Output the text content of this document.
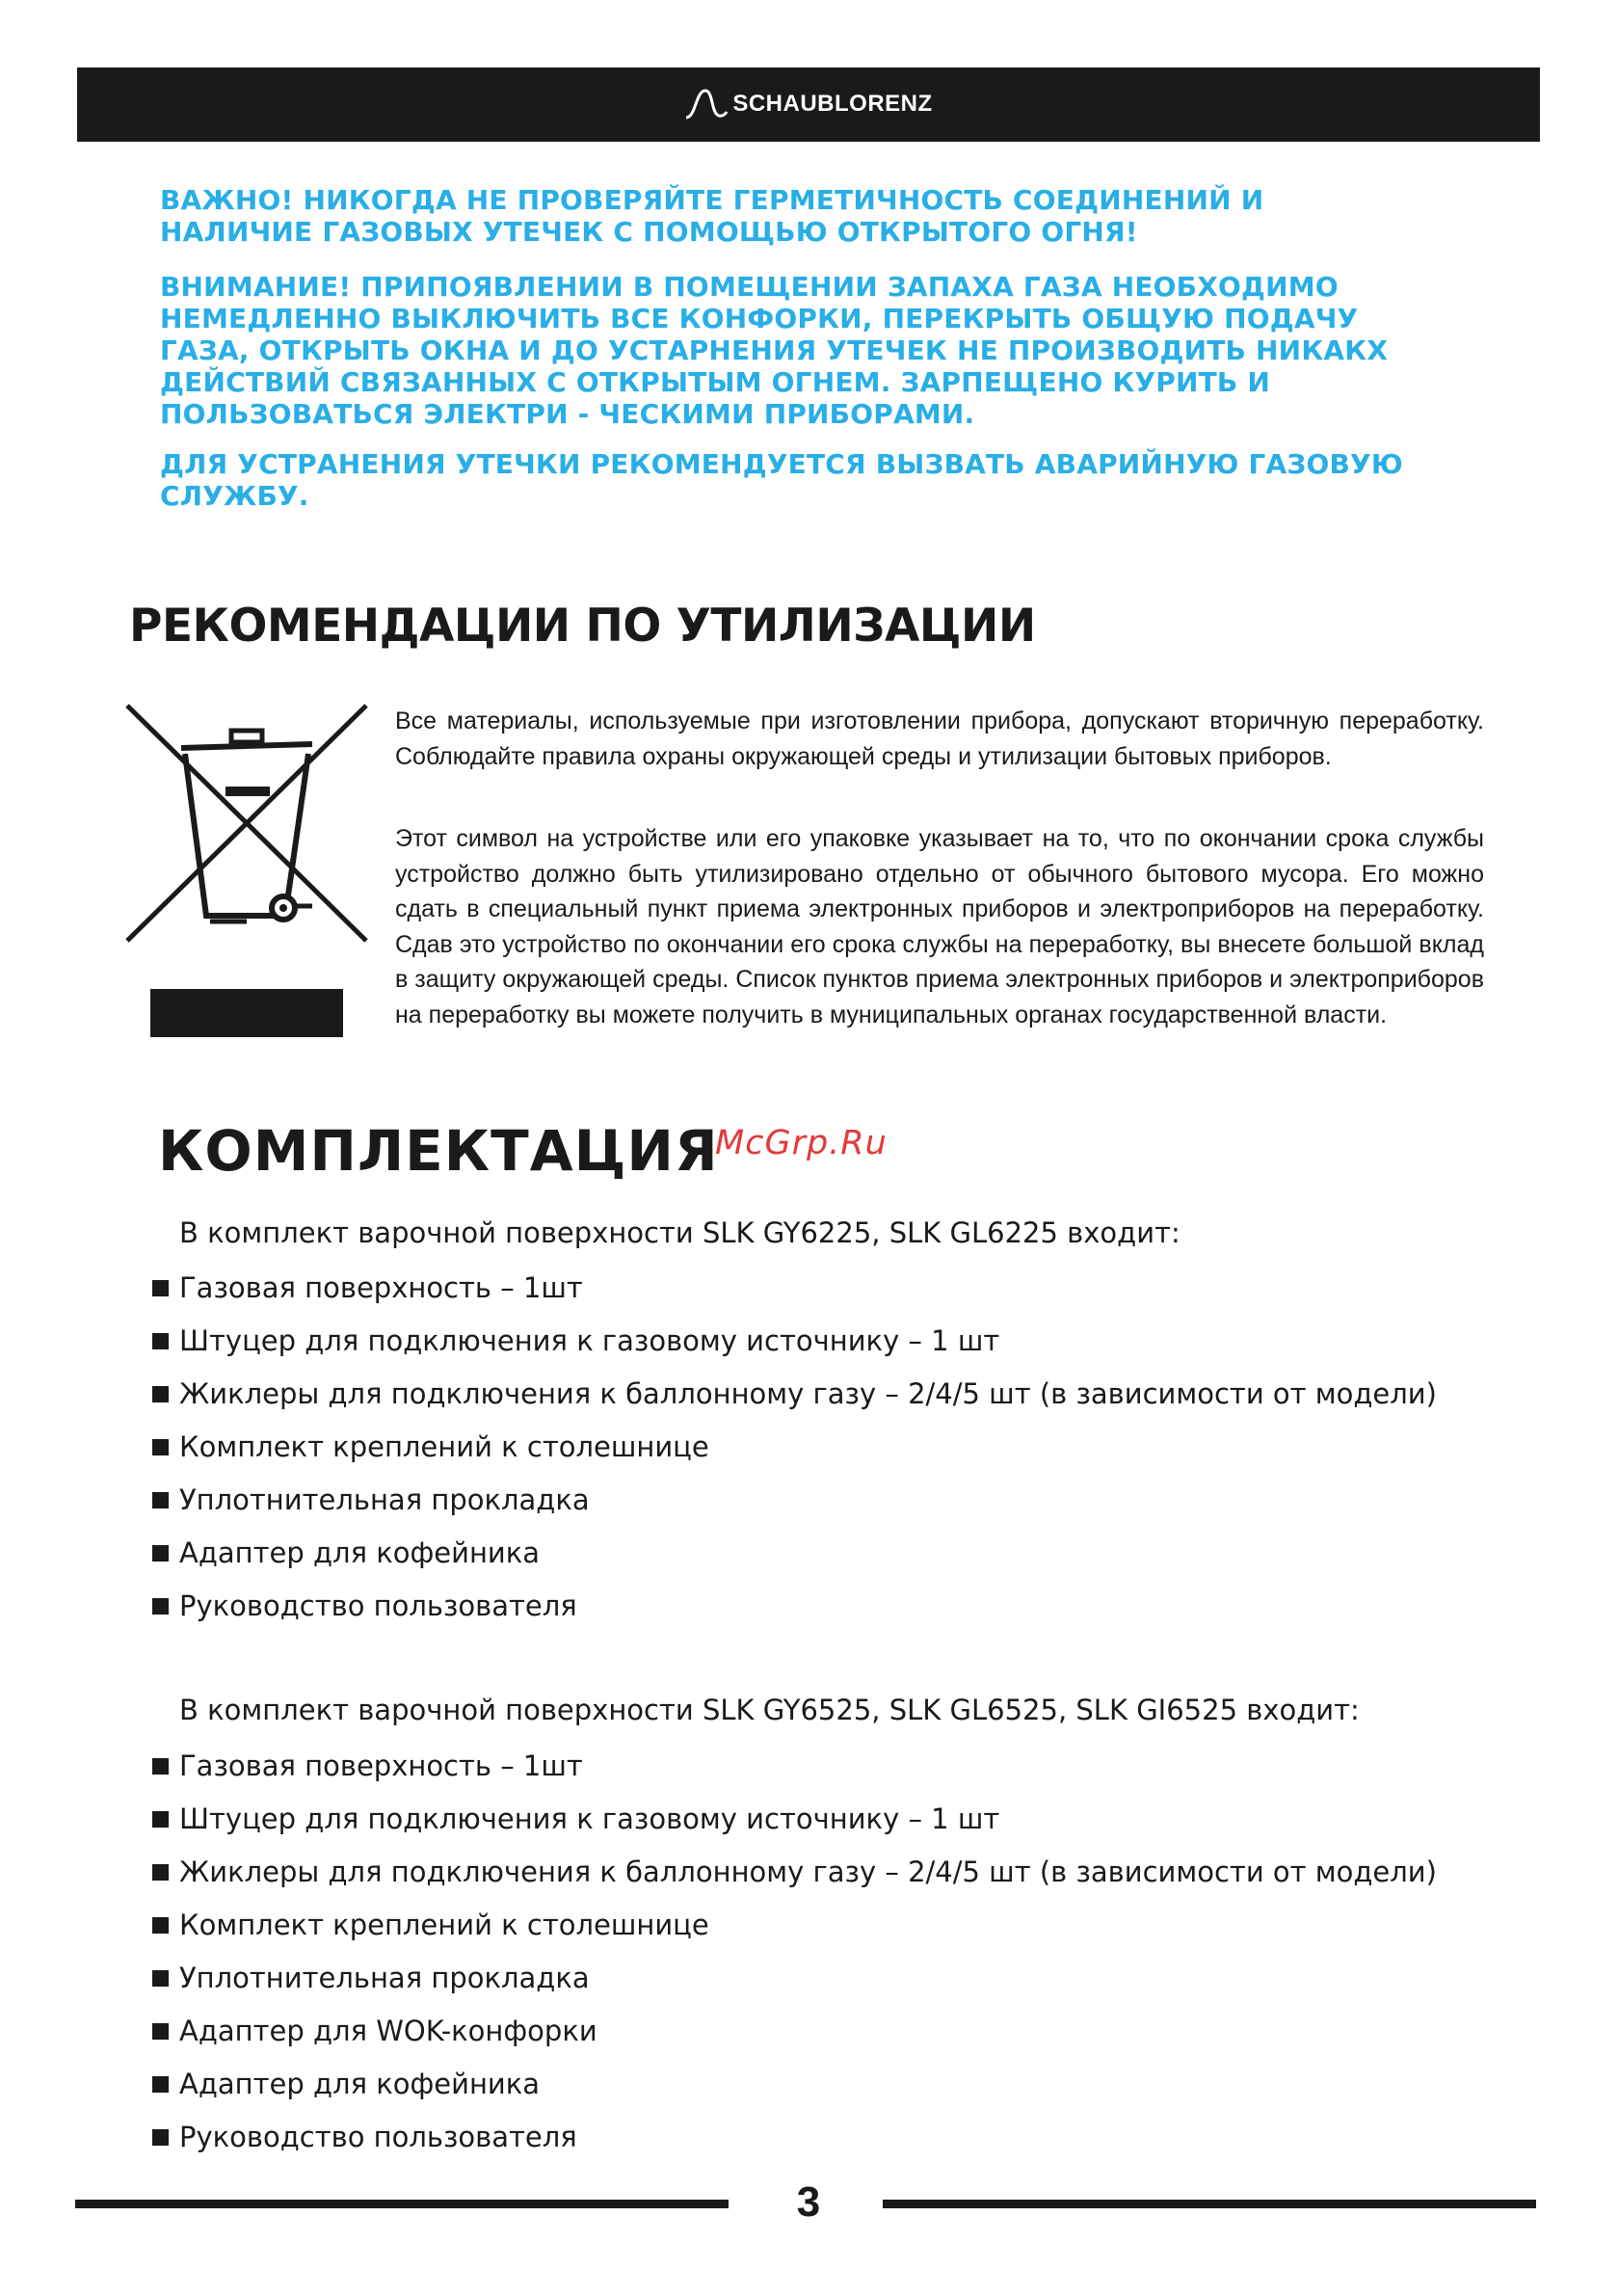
SCHAUBLORENZ

ВАЖНО! НИКОГДА НЕ ПРОВЕРЯЙТЕ ГЕРМЕТИЧНОСТЬ СОЕДИНЕНИЙ И НАЛИЧИЕ ГАЗОВЫХ УТЕЧЕК С ПОМОЩЬЮ ОТКРЫТОГО ОГНЯ!

ВНИМАНИЕ! ПРИПОЯВЛЕНИИ В ПОМЕЩЕНИИ ЗАПАХА ГАЗА НЕОБХОДИМО НЕМЕДЛЕННО ВЫКЛЮЧИТЬ ВСЕ КОНФОРКИ, ПЕРЕКРЫТЬ ОБЩУЮ ПОДАЧУ ГАЗА, ОТКРЫТЬ ОКНА И ДО УСТАРНЕНИЯ УТЕЧЕК НЕ ПРОИЗВОДИТЬ НИКАКХ ДЕЙСТВИЙ СВЯЗАННЫХ С ОТКРЫТЫМ ОГНЕМ. ЗАРПЕЩЕНО КУРИТЬ И ПОЛЬЗОВАТЬСЯ ЭЛЕКТРИ - ЧЕСКИМИ ПРИБОРАМИ.

ДЛЯ УСТРАНЕНИЯ УТЕЧКИ РЕКОМЕНДУЕТСЯ ВЫЗВАТЬ АВАРИЙНУЮ ГАЗОВУЮ СЛУЖБУ.

РЕКОМЕНДАЦИИ ПО УТИЛИЗАЦИИ

Все материалы, используемые при изготовлении прибора, допускают вторичную переработку. Соблюдайте правила охраны окружающей среды и утилизации бытовых приборов.

Этот символ на устройстве или его упаковке указывает на то, что по окончании срока службы устройство должно быть утилизировано отдельно от обычного бытового мусора. Его можно сдать в специальный пункт приема электронных приборов и электроприборов на переработку. Сдав это устройство по окончании его срока службы на переработку, вы внесете большой вклад в защиту окружающей среды. Список пунктов приема электронных приборов и электроприборов на переработку вы можете получить в муниципальных органах государственной власти.

КОМПЛЕКТАЦИЯ
McGrp.Ru

В комплект варочной поверхности SLK GY6225, SLK GL6225 входит:

Газовая поверхность – 1шт
Штуцер для подключения к газовому источнику – 1 шт
Жиклеры для подключения к баллонному газу – 2/4/5 шт (в зависимости от модели)
Комплект креплений к столешнице
Уплотнительная прокладка
Адаптер для кофейника
Руководство пользователя

В комплект варочной поверхности SLK GY6525, SLK GL6525, SLK GI6525 входит:

Газовая поверхность – 1шт
Штуцер для подключения к газовому источнику – 1 шт
Жиклеры для подключения к баллонному газу – 2/4/5 шт (в зависимости от модели)
Комплект креплений к столешнице
Уплотнительная прокладка
Адаптер для WOK-конфорки
Адаптер для кофейника
Руководство пользователя
3
